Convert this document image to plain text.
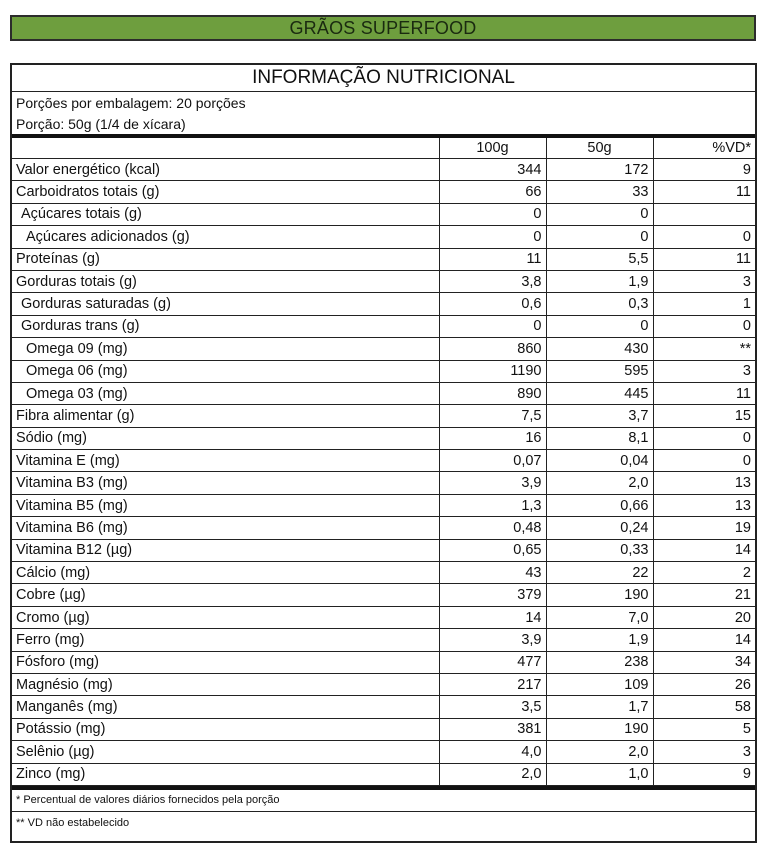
GRÃOS SUPERFOOD
INFORMAÇÃO NUTRICIONAL
Porções por embalagem: 20 porções
Porção: 50g (1/4 de xícara)
	100g	50g	%VD*
Valor energético (kcal)	344	172	9
Carboidratos totais (g)	66	33	11
Açúcares totais (g)	0	0	
Açúcares adicionados (g)	0	0	0
Proteínas (g)	11	5,5	11
Gorduras totais (g)	3,8	1,9	3
Gorduras saturadas (g)	0,6	0,3	1
Gorduras trans (g)	0	0	0
Omega 09 (mg)	860	430	**
Omega 06 (mg)	1190	595	3
Omega 03 (mg)	890	445	11
Fibra alimentar (g)	7,5	3,7	15
Sódio (mg)	16	8,1	0
Vitamina E (mg)	0,07	0,04	0
Vitamina B3 (mg)	3,9	2,0	13
Vitamina B5 (mg)	1,3	0,66	13
Vitamina B6 (mg)	0,48	0,24	19
Vitamina B12 (µg)	0,65	0,33	14
Cálcio (mg)	43	22	2
Cobre (µg)	379	190	21
Cromo (µg)	14	7,0	20
Ferro (mg)	3,9	1,9	14
Fósforo (mg)	477	238	34
Magnésio (mg)	217	109	26
Manganês (mg)	3,5	1,7	58
Potássio (mg)	381	190	5
Selênio (µg)	4,0	2,0	3
Zinco (mg)	2,0	1,0	9
* Percentual de valores diários fornecidos pela porção
** VD não estabelecido
